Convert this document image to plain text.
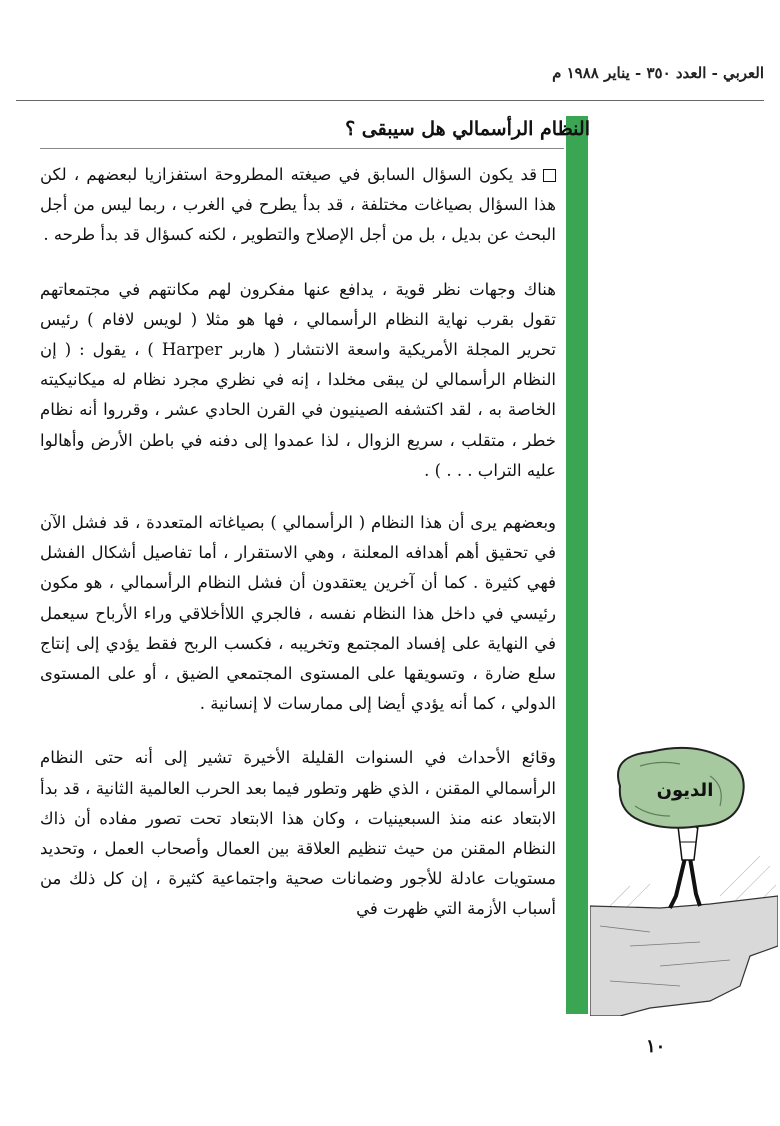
العربي - العدد ٣٥٠ - يناير ١٩٨٨ م
النظام الرأسمالي هل سيبقى ؟

قد يكون السؤال السابق في صيغته المطروحة استفزازيا لبعضهم ، لكن هذا السؤال بصياغات مختلفة ، قد بدأ يطرح في الغرب ، ربما ليس من أجل البحث عن بديل ، بل من أجل الإصلاح والتطوير ، لكنه كسؤال قد بدأ طرحه .

هناك وجهات نظر قوية ، يدافع عنها مفكرون لهم مكانتهم في مجتمعاتهم تقول بقرب نهاية النظام الرأسمالي ، فها هو مثلا ( لويس لافام ) رئيس تحرير المجلة الأمريكية واسعة الانتشار ( هاربر Harper ) ، يقول : ( إن النظام الرأسمالي لن يبقى مخلدا ، إنه في نظري مجرد نظام له ميكانيكيته الخاصة به ، لقد اكتشفه الصينيون في القرن الحادي عشر ، وقرروا أنه نظام خطر ، متقلب ، سريع الزوال ، لذا عمدوا إلى دفنه في باطن الأرض وأهالوا عليه التراب . . . ) .

وبعضهم يرى أن هذا النظام ( الرأسمالي ) بصياغاته المتعددة ، قد فشل الآن في تحقيق أهم أهدافه المعلنة ، وهي الاستقرار ، أما تفاصيل أشكال الفشل فهي كثيرة . كما أن آخرين يعتقدون أن فشل النظام الرأسمالي ، هو مكون رئيسي في داخل هذا النظام نفسه ، فالجري اللاأخلاقي وراء الأرباح سيعمل في النهاية على إفساد المجتمع وتخريبه ، فكسب الربح فقط يؤدي إلى إنتاج سلع ضارة ، وتسويقها على المستوى المجتمعي الضيق ، أو على المستوى الدولي ، كما أنه يؤدي أيضا إلى ممارسات لا إنسانية .

وقائع الأحداث في السنوات القليلة الأخيرة تشير إلى أنه حتى النظام الرأسمالي المقنن ، الذي ظهر وتطور فيما بعد الحرب العالمية الثانية ، قد بدأ الابتعاد عنه منذ السبعينيات ، وكان هذا الابتعاد تحت تصور مفاده أن ذاك النظام المقنن من حيث تنظيم العلاقة بين العمال وأصحاب العمل ، وتحديد مستويات عادلة للأجور وضمانات صحية واجتماعية كثيرة ، إن كل ذلك من أسباب الأزمة التي ظهرت في

الديون
١٠
